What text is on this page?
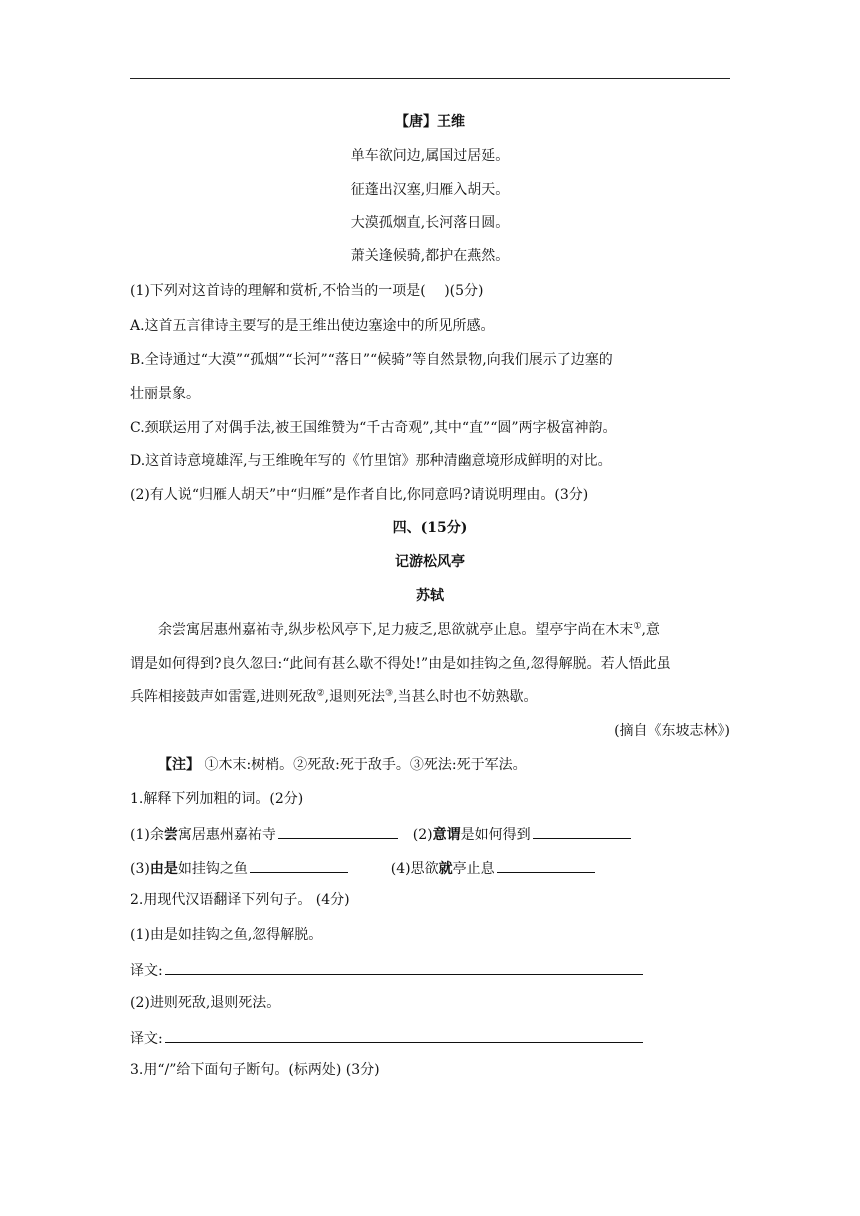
【唐】王维
单车欲问边,属国过居延。
征蓬出汉塞,归雁入胡天。
大漠孤烟直,长河落日圆。
萧关逢候骑,都护在燕然。
(1)下列对这首诗的理解和赏析,不恰当的一项是(　 )(5分)
A.这首五言律诗主要写的是王维出使边塞途中的所见所感。
B.全诗通过“大漠”“孤烟”“长河”“落日”“候骑”等自然景物,向我们展示了边塞的
壮丽景象。
C.颈联运用了对偶手法,被王国维赞为“千古奇观”,其中“直”“圆”两字极富神韵。
D.这首诗意境雄浑,与王维晚年写的《竹里馆》那种清幽意境形成鲜明的对比。
(2)有人说“归雁人胡天”中“归雁”是作者自比,你同意吗?请说明理由。(3分)
四、(15分)
记游松风亭
苏轼
余尝寓居惠州嘉祐寺,纵步松风亭下,足力疲乏,思欲就亭止息。望亭宇尚在木末①,意
谓是如何得到?良久忽曰:“此间有甚么歇不得处!”由是如挂钩之鱼,忽得解脱。若人悟此虽
兵阵相接鼓声如雷霆,进则死敌②,退则死法③,当甚么时也不妨熟歇。
(摘自《东坡志林》)
【注】 ①木末:树梢。②死敌:死于敌手。③死法:死于军法。
1.解释下列加粗的词。(2分)
(1)余尝寓居惠州嘉祐寺	(2)意谓是如何得到
(3)由是如挂钩之鱼	(4)思欲就亭止息
2.用现代汉语翻译下列句子。 (4分)
(1)由是如挂钩之鱼,忽得解脱。
译文:
(2)进则死敌,退则死法。
译文:
3.用“/”给下面句子断句。(标两处) (3分)
